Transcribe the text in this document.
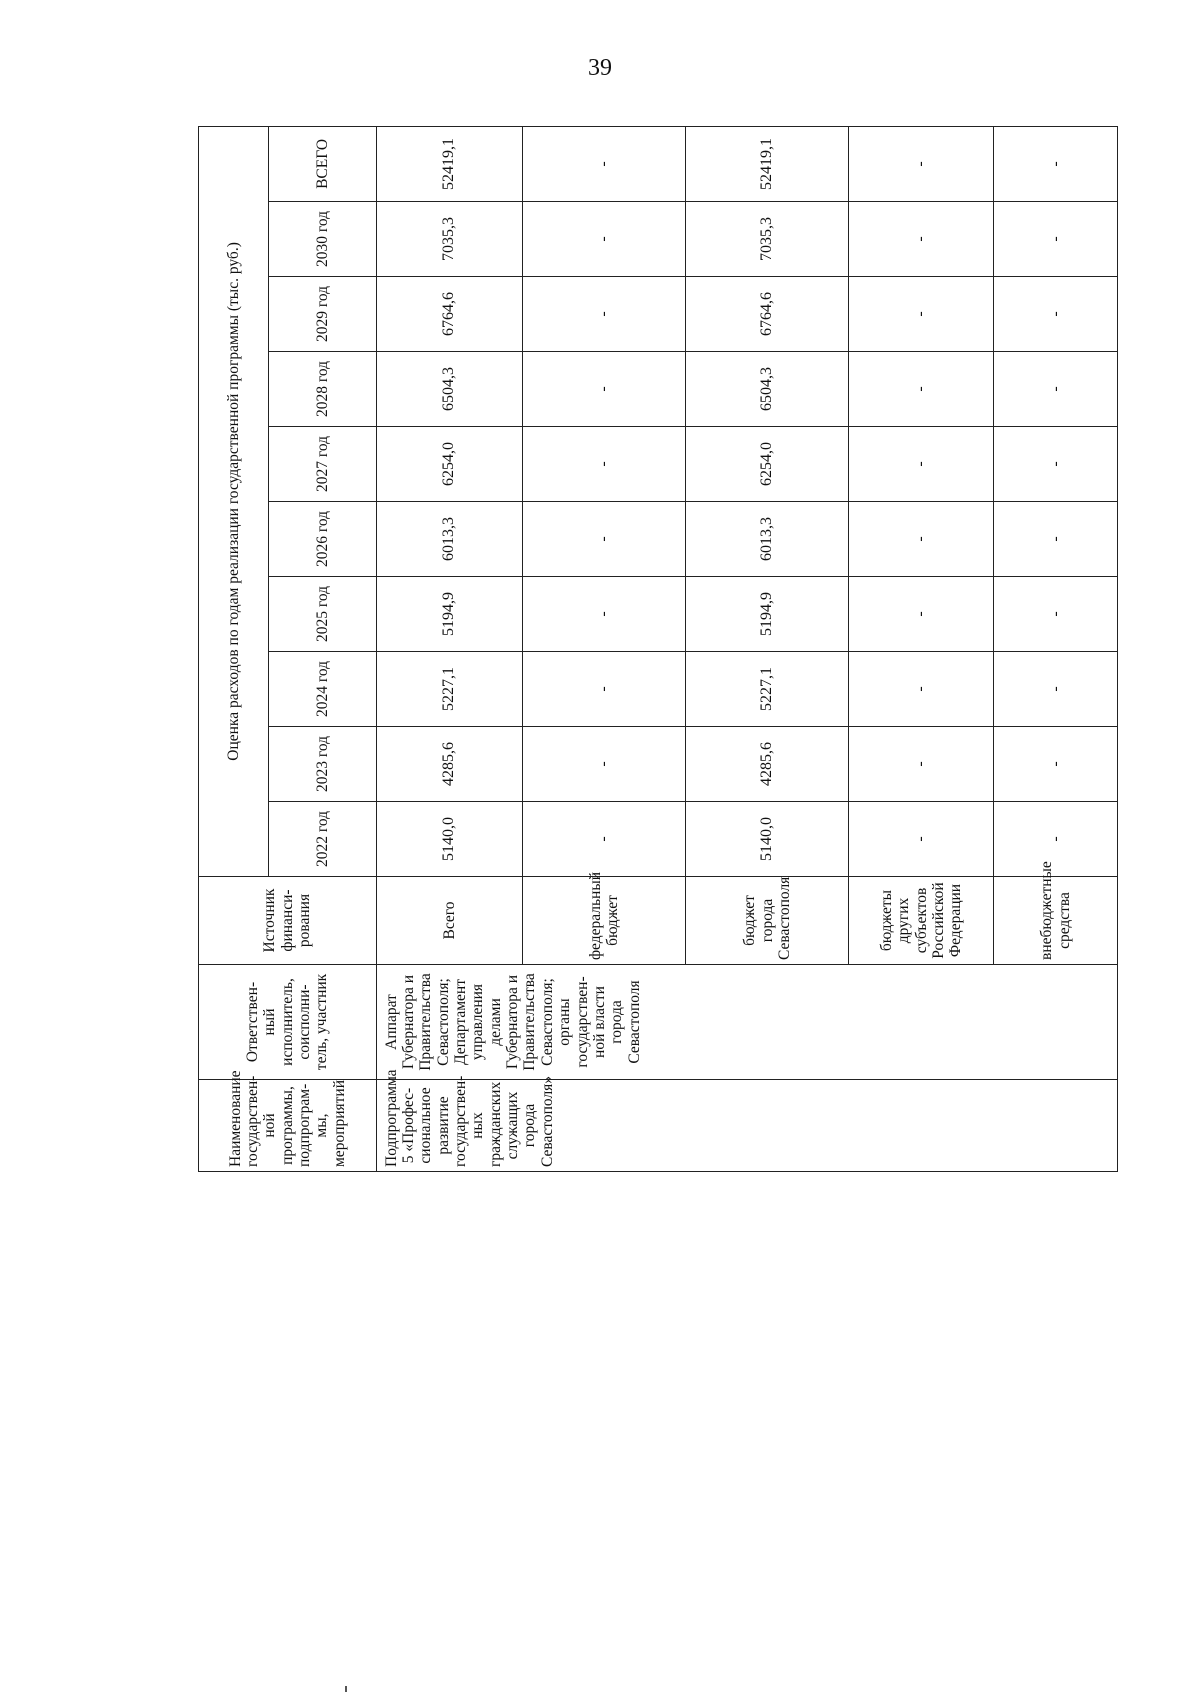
39
Наименование государствен-ной программы, подпрограм-мы, мероприятий	Ответствен-ный исполнитель, соисполни-тель, участник	Источник финанси-рования	Оценка расходов по годам реализации государственной программы (тыс. руб.)									
			2022 год	2023 год	2024 год	2025 год	2026 год	2027 год	2028 год	2029 год	2030 год	ВСЕГО
Подпрограмма 5 «Профес-сиональное развитие государствен-ных гражданских служащих города Севастополя»	Аппарат Губернатора и Правительства Севастополя; Департамент управления делами Губернатора и Правительства Севастополя; органы государствен-ной власти города Севастополя	Всего	5140,0	4285,6	5227,1	5194,9	6013,3	6254,0	6504,3	6764,6	7035,3	52419,1
		федеральный бюджет	-	-	-	-	-	-	-	-	-	-
		бюджет города Севастополя	5140,0	4285,6	5227,1	5194,9	6013,3	6254,0	6504,3	6764,6	7035,3	52419,1
		бюджеты других субъектов Российской Федерации	-	-	-	-	-	-	-	-	-	-
		внебюджетные средства	-	-	-	-	-	-	-	-	-	-
